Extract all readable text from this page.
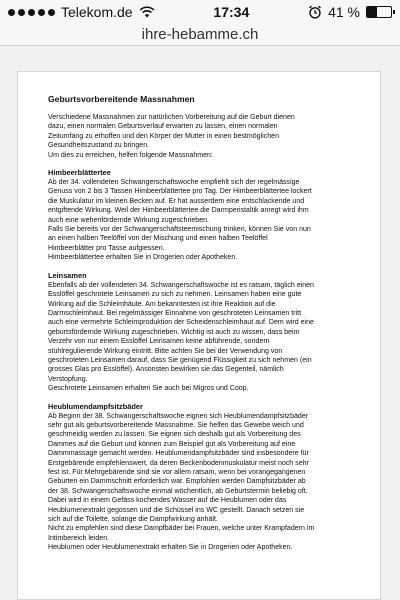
Telekom.de	17:34	41 %
ihre-hebamme.ch
Geburtsvorbereitende Massnahmen
Verschiedene Massnahmen zur natürlichen Vorbereitung auf die Geburt dienen
dazu, einen normalen Geburtsverlauf erwarten zu lassen, einen normalen
Zeitumfang zu erhoffen und den Körper der Mutter in einen bestmöglichen
Gesundheitszustand zu bringen.
Um dies zu erreichen, helfen folgende Massnahmen:
Himbeerblättertee
Ab der 34. vollendeten Schwangerschaftswoche empfiehlt sich der regelmässige
Genuss von 2 bis 3 Tassen Himbeerblättertee pro Tag. Der Himbeerblättertee lockert
die Muskulatur im kleinen Becken auf. Er hat ausserdem eine entschlackende und
entgiftende Wirkung. Weil der Himbeerblättertee die Darmperistaltik anregt wird ihm
auch eine wehenfördernde Wirkung zugeschrieben.
Falls Sie bereits vor der Schwangerschaftsteemischung trinken, können Sie von nun
an einen halben Teelöffel von der Mischung und einen halben Teelöffel
Himbeerblätter pro Tasse aufgiessen.
Himbeerblättertee erhalten Sie in Drogerien oder Apotheken.
Leinsamen
Ebenfalls ab der vollendeten 34. Schwangerschaftswoche ist es ratsam, täglich einen
Esslöffel geschrotete Leinsamen zu sich zu nehmen. Leinsamen haben eine gute
Wirkung auf die Schleimhäute. Am bekanntesten ist ihre Reaktion auf die
Darmschleimhaut. Bei regelmässiger Einnahme von geschroteten Leinsamen tritt
auch eine vermehrte Schleimproduktion der Scheidenschleimhaut auf. Dem wird eine
geburtsfördernde Wirkung zugeschrieben. Wichtig ist auch zu wissen, dass beim
Verzehr von nur einem Esslöffel Leinsamen keine abführende, sondern
stuhlregulierende Wirkung eintritt. Bitte achten Sie bei der Verwendung von
geschroteten Leinsamen darauf, dass Sie genügend Flüssigkeit zu sich nehmen (ein
grosses Glas pro Esslöffel). Ansonsten bewirken sie das Gegenteil, nämlich
Verstopfung.
Geschrotete Leinsamen erhalten Sie auch bei Migros und Coop.
Heublumendampfsitzbäder
Ab Beginn der 38. Schwangerschaftswoche eignen sich Heublumendampfsitzbäder
sehr gut als geburtsvorbereitende Massnahme. Sie helfen das Gewebe weich und
geschmeidig werden zu lassen. Sie eignen sich deshalb gut als Vorbereitung des
Dammes auf die Geburt und können zum Beispiel gut als Vorbereitung auf eine
Dammmassage gemacht werden. Heublumendampfsitzbäder sind insbesondere für
Erstgebärende empfehlenswert, da deren Beckenbodenmuskulatur meist noch sehr
fest ist. Für Mehrgebärende sind sie vor allem ratsam, wenn bei vorangegangenen
Geburten ein Dammschnitt erforderlich war. Empfohlen werden Dampfsitzbäder ab
der 38. Schwangerschaftswoche einmal wöchentlich, ab Geburtstermin beliebig oft.
Dabei wird in einem Gefäss kochendes Wasser auf die Heublumen oder das
Heublumenextrakt gegossen und die Schüssel ins WC gestellt. Danach setzen sie
sich auf die Toilette, solange die Dampfwirkung anhält.
Nicht zu empfehlen sind diese Dampfbäder bei Frauen, welche unter Krampfadern im
Intimbereich leiden.
Heublumen oder Heublumenextrakt erhalten Sie in Drogerien oder Apotheken.
